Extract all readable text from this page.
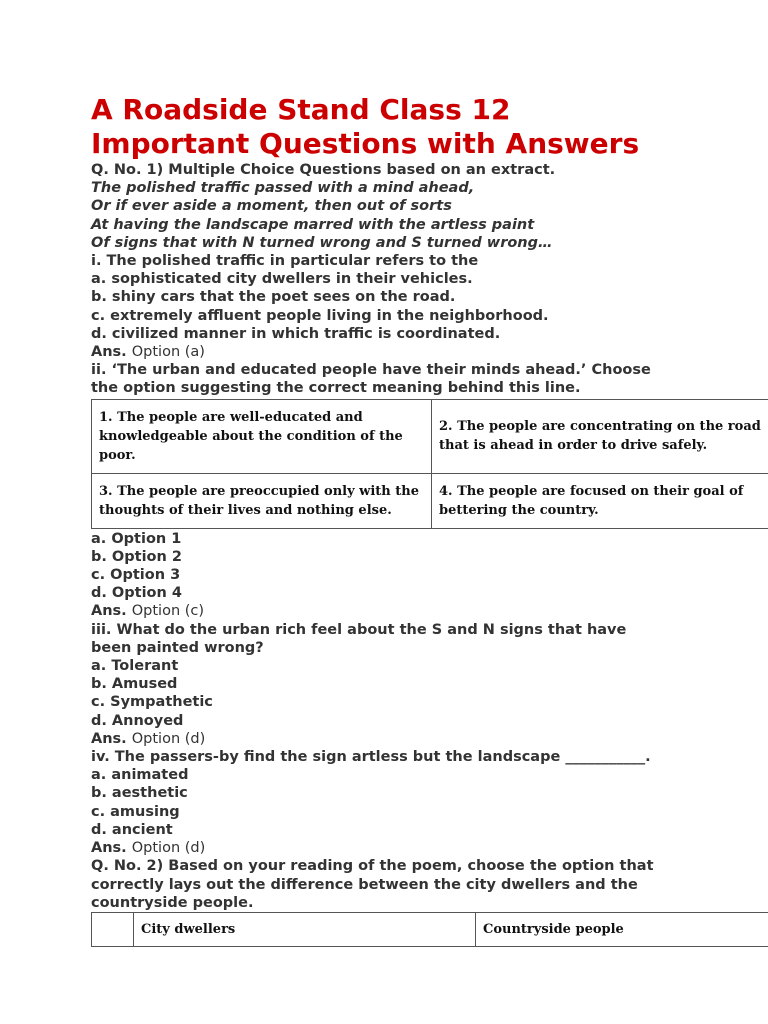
A Roadside Stand Class 12
Important Questions with Answers
Q. No. 1) Multiple Choice Questions based on an extract.
The polished traffic passed with a mind ahead,
Or if ever aside a moment, then out of sorts
At having the landscape marred with the artless paint
Of signs that with N turned wrong and S turned wrong…
i. The polished traffic in particular refers to the
a. sophisticated city dwellers in their vehicles.
b. shiny cars that the poet sees on the road.
c. extremely affluent people living in the neighborhood.
d. civilized manner in which traffic is coordinated.
Ans. Option (a)
ii. ‘The urban and educated people have their minds ahead.’ Choose
the option suggesting the correct meaning behind this line.
1. The people are well-educated and knowledgeable about the condition of the poor.	2. The people are concentrating on the road that is ahead in order to drive safely.
3. The people are preoccupied only with the thoughts of their lives and nothing else.	4. The people are focused on their goal of bettering the country.
a. Option 1
b. Option 2
c. Option 3
d. Option 4
Ans. Option (c)
iii. What do the urban rich feel about the S and N signs that have
been painted wrong?
a. Tolerant
b. Amused
c. Sympathetic
d. Annoyed
Ans. Option (d)
iv. The passers-by find the sign artless but the landscape ___________.
a. animated
b. aesthetic
c. amusing
d. ancient
Ans. Option (d)
Q. No. 2) Based on your reading of the poem, choose the option that
correctly lays out the difference between the city dwellers and the
countryside people.
	City dwellers	Countryside people
